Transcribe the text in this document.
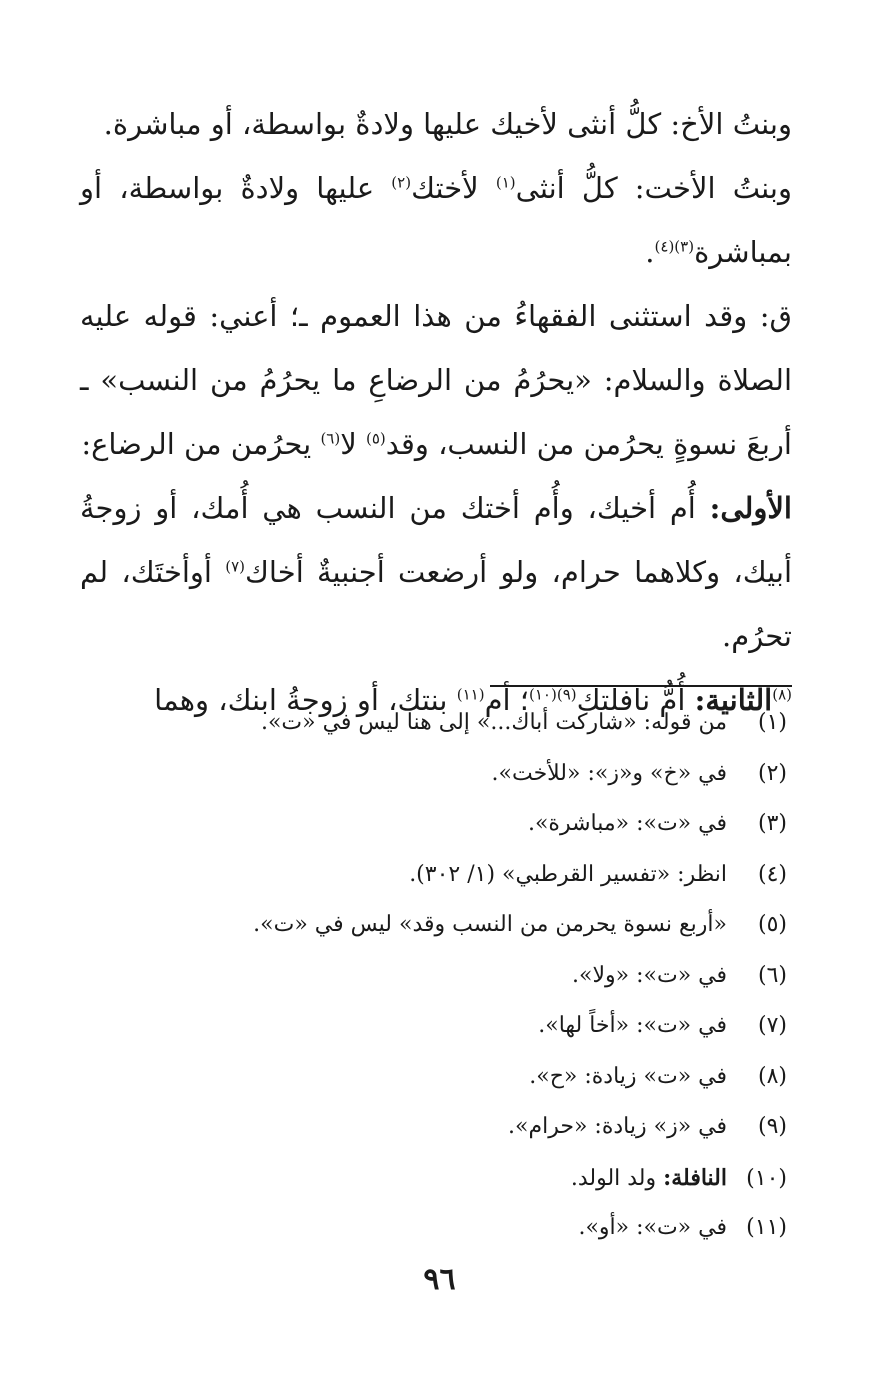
وبنتُ الأخ: كلُّ أنثى لأخيك عليها ولادةٌ بواسطة، أو مباشرة.

وبنتُ الأخت: كلُّ أنثى$^{(١)}$ لأختك$^{(٢)}$ عليها ولادةٌ بواسطة، أو بمباشرة$^{(٣)(٤)}$.

ق: وقد استثنى الفقهاءُ من هذا العموم ـ؛ أعني: قوله عليه الصلاة والسلام: «يحرُمُ من الرضاعِ ما يحرُمُ من النسب» ـ أربعَ نسوةٍ يحرُمن من النسب، وقد$^{(٥)}$ لا$^{(٦)}$ يحرُمن من الرضاع:

الأولى: أُم أخيك، وأُم أختك من النسب هي أُمك، أو زوجةُ أبيك، وكلاهما حرام، ولو أرضعت أجنبيةٌ أخاك$^{(٧)}$ أوأختَك، لم تحرُم.

$^{(٨)}$الثانية: أُمُّ نافلتك$^{(٩)(١٠)}$؛ أم$^{(١١)}$ بنتك، أو زوجةُ ابنك، وهما

(١)من قوله: «شاركت أباك...» إلى هنا ليس في «ت».
(٢)في «خ» و«ز»: «للأخت».
(٣)في «ت»: «مباشرة».
(٤)انظر: «تفسير القرطبي» (١/ ٣٠٢).
(٥)«أربع نسوة يحرمن من النسب وقد» ليس في «ت».
(٦)في «ت»: «ولا».
(٧)في «ت»: «أخاً لها».
(٨)في «ت» زيادة: «ح».
(٩)في «ز» زيادة: «حرام».
(١٠)النافلة: ولد الولد.
(١١)في «ت»: «أو».
٩٦
